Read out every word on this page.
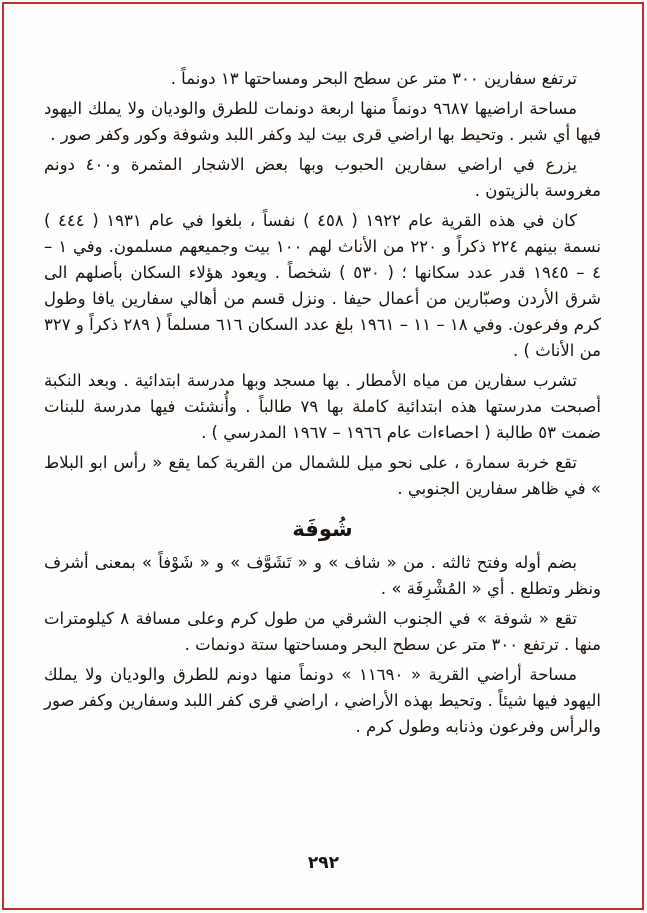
ترتفع سفارين ٣٠٠ متر عن سطح البحر ومساحتها ١٣ دونماً .

مساحة اراضيها ٩٦٨٧ دونماً منها اربعة دونمات للطرق والوديان ولا يملك اليهود فيها أي شبر . وتحيط بها اراضي قرى بيت ليد وكفر اللبد وشوفة وكور وكفر صور .

يزرع في اراضي سفارين الحبوب وبها بعض الاشجار المثمرة و٤٠٠ دونم مغروسة بالزيتون .

كان في هذه القرية عام ١٩٢٢ ( ٤٥٨ ) نفساً ، بلغوا في عام ١٩٣١ ( ٤٤٤ ) نسمة بينهم ٢٢٤ ذكراً و ٢٢٠ من الأناث لهم ١٠٠ بيت وجميعهم مسلمون. وفي ١ – ٤ – ١٩٤٥ قدر عدد سكانها ؛ ( ٥٣٠ ) شخصاً . ويعود هؤلاء السكان بأصلهم الى شرق الأردن وصبّارين من أعمال حيفا . ونزل قسم من أهالي سفارين يافا وطول كرم وفرعون. وفي ١٨ – ١١ – ١٩٦١ بلغ عدد السكان ٦١٦ مسلماً ( ٢٨٩ ذكراً و ٣٢٧ من الأناث ) .

تشرب سفارين من مياه الأمطار . بها مسجد وبها مدرسة ابتدائية . وبعد النكبة أصبحت مدرستها هذه ابتدائية كاملة بها ٧٩ طالباً . وأُنشئت فيها مدرسة للبنات ضمت ٥٣ طالبة ( احصاءات عام ١٩٦٦ – ١٩٦٧ المدرسي ) .

تقع خربة سمارة ، على نحو ميل للشمال من القرية كما يقع « رأس ابو البلاط » في ظاهر سفارين الجنوبي .

شُوفَة

بضم أوله وفتح ثالثه . من « شاف » و « تَشَوَّف » و « شَوْفاً » بمعنى أشرف ونظر وتطلع . أي « المُشْرِفَة » .

تقع « شوفة » في الجنوب الشرقي من طول كرم وعلى مسافة ٨ كيلومترات منها . ترتفع ٣٠٠ متر عن سطح البحر ومساحتها ستة دونمات .

مساحة أراضي القرية « ١١٦٩٠ » دونماً منها دونم للطرق والوديان ولا يملك اليهود فيها شيئاً . وتحيط بهذه الأراضي ، اراضي قرى كفر اللبد وسفارين وكفر صور والرأس وفرعون وذنابه وطول كرم .

٢٩٢
